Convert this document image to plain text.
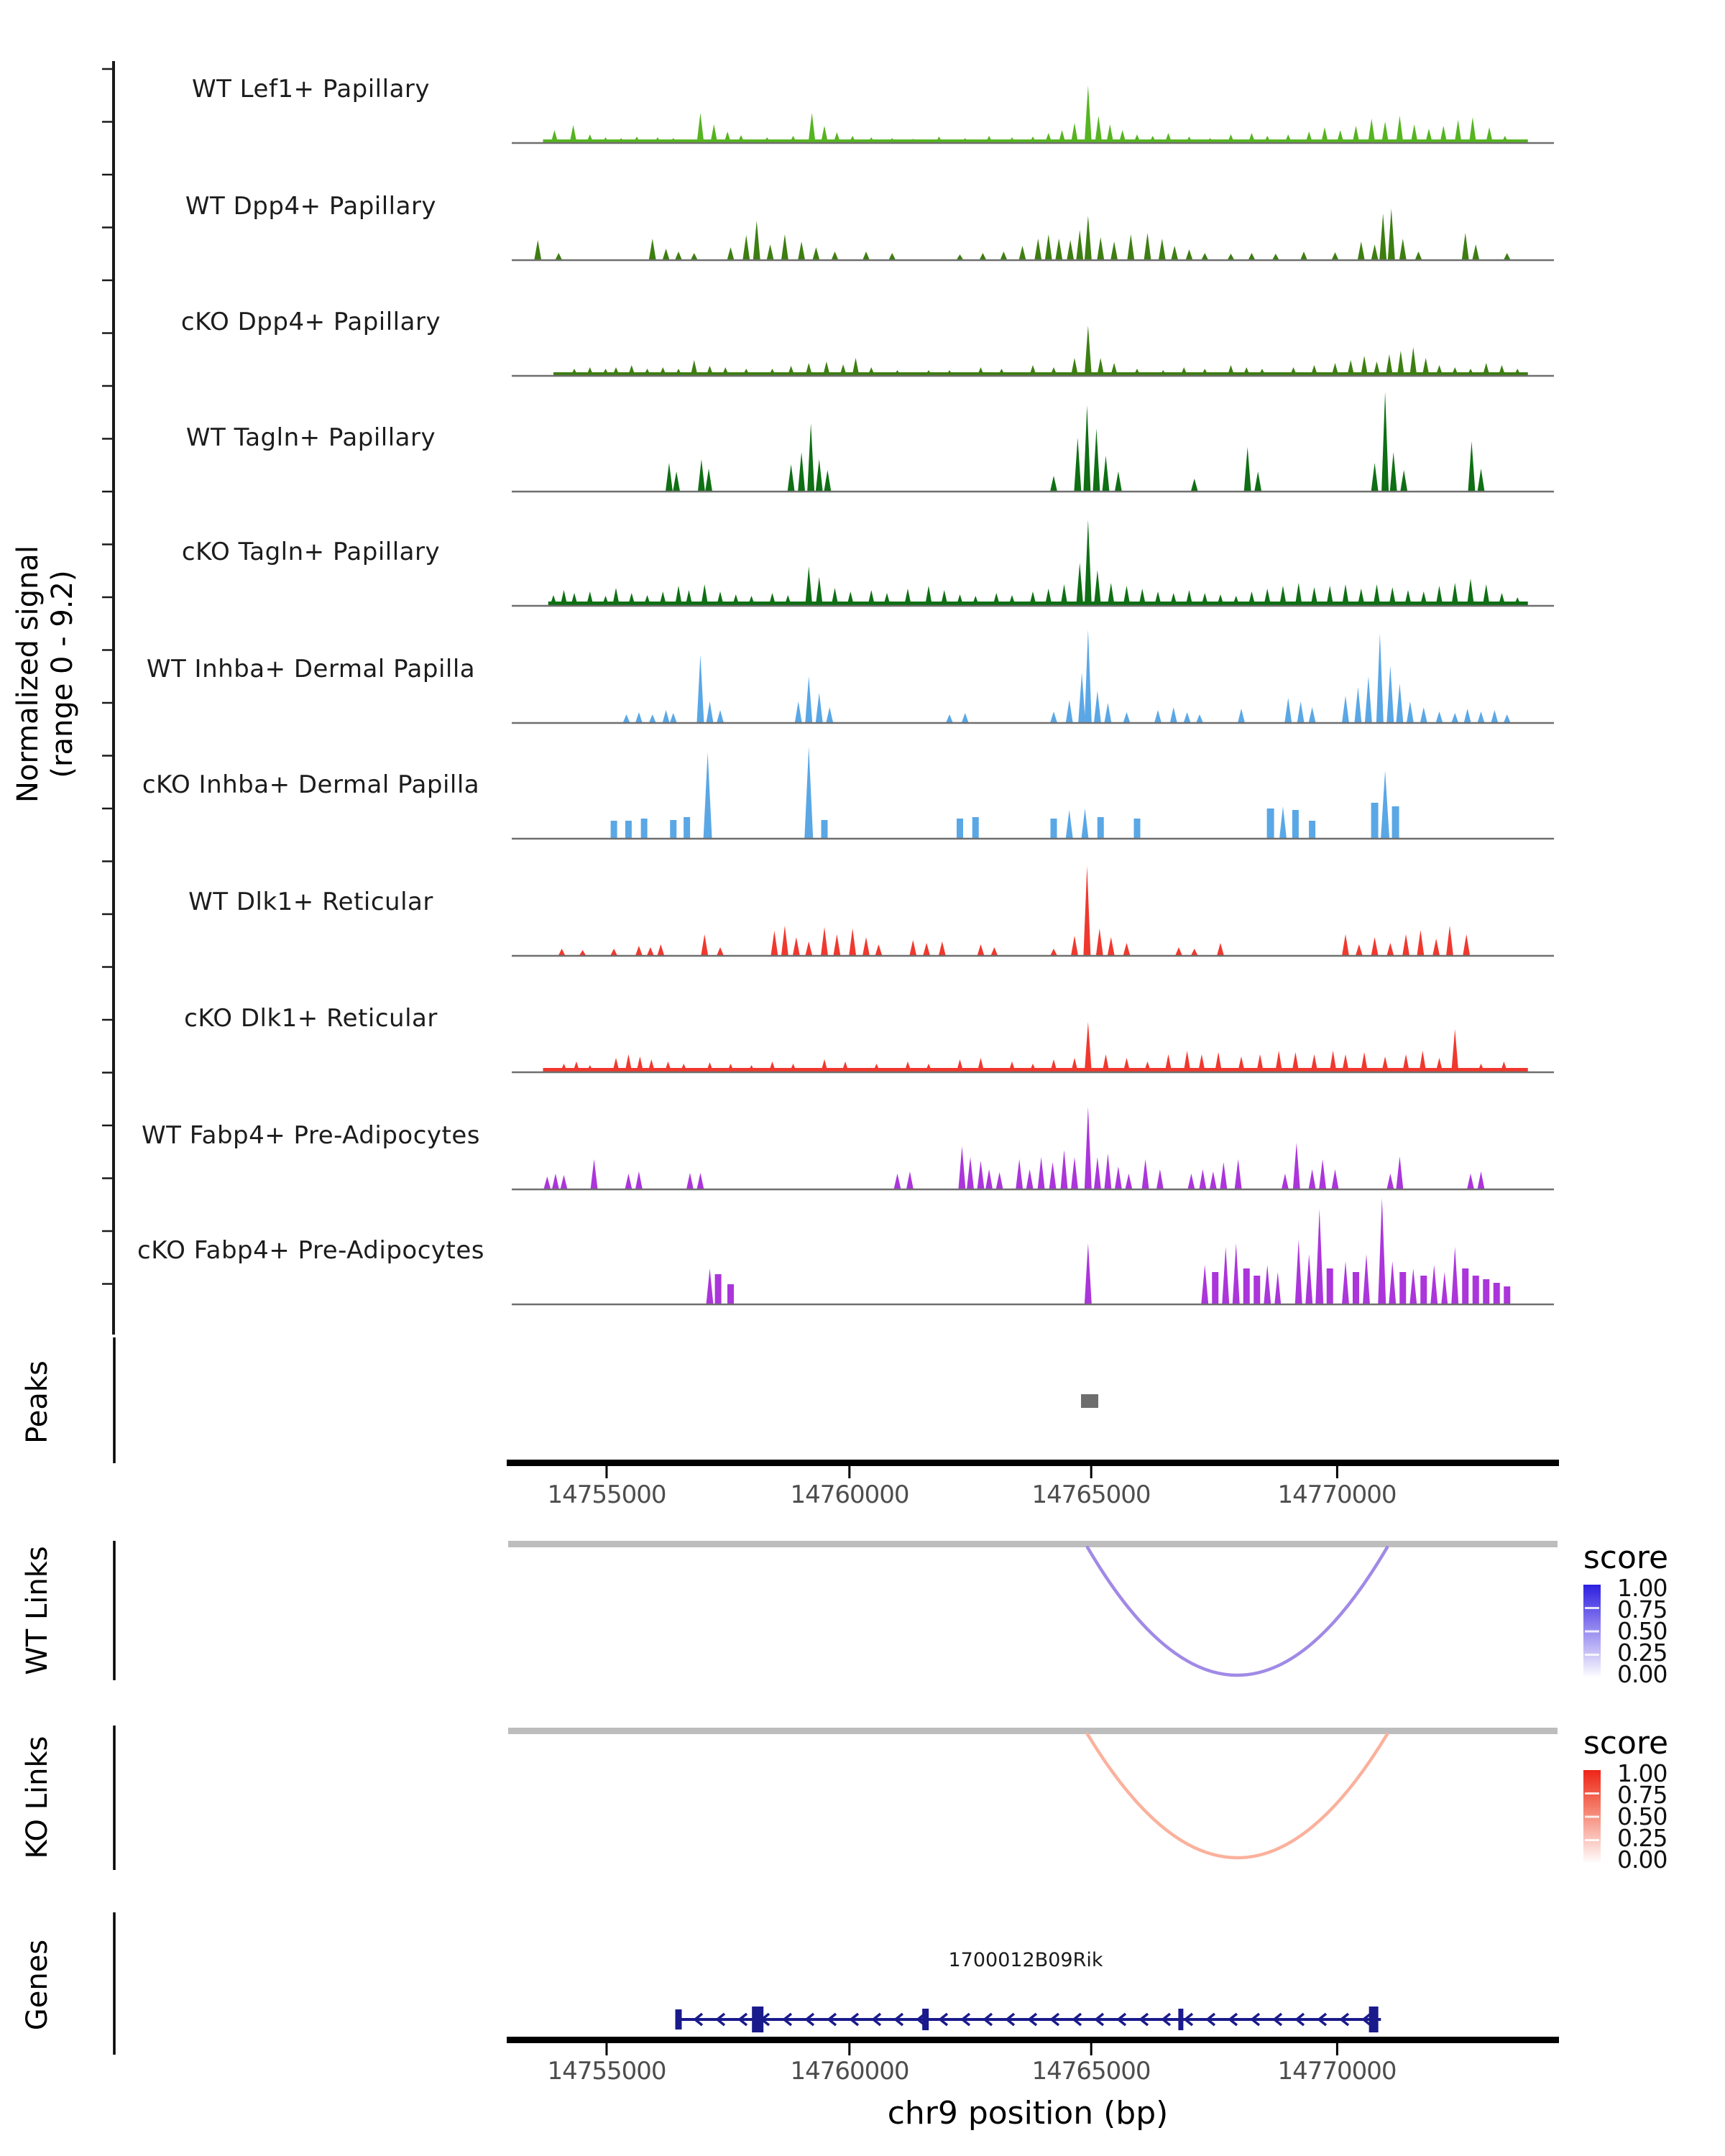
Normalized signal (range 0 - 9.2)
WT Lef1+ Papillary
WT Dpp4+ Papillary
cKO Dpp4+ Papillary
WT Tagln+ Papillary
cKO Tagln+ Papillary
WT Inhba+ Dermal Papilla
cKO Inhba+ Dermal Papilla
WT Dlk1+ Reticular
cKO Dlk1+ Reticular
WT Fabp4+ Pre-Adipocytes
cKO Fabp4+ Pre-Adipocytes
Peaks
WT Links
KO Links
Genes
14755000	14760000	14765000	14770000
score
1.00
0.75
0.50
0.25
0.00
score
1.00
0.75
0.50
0.25
0.00
1700012B09Rik
14755000	14760000	14765000	14770000
chr9 position (bp)
